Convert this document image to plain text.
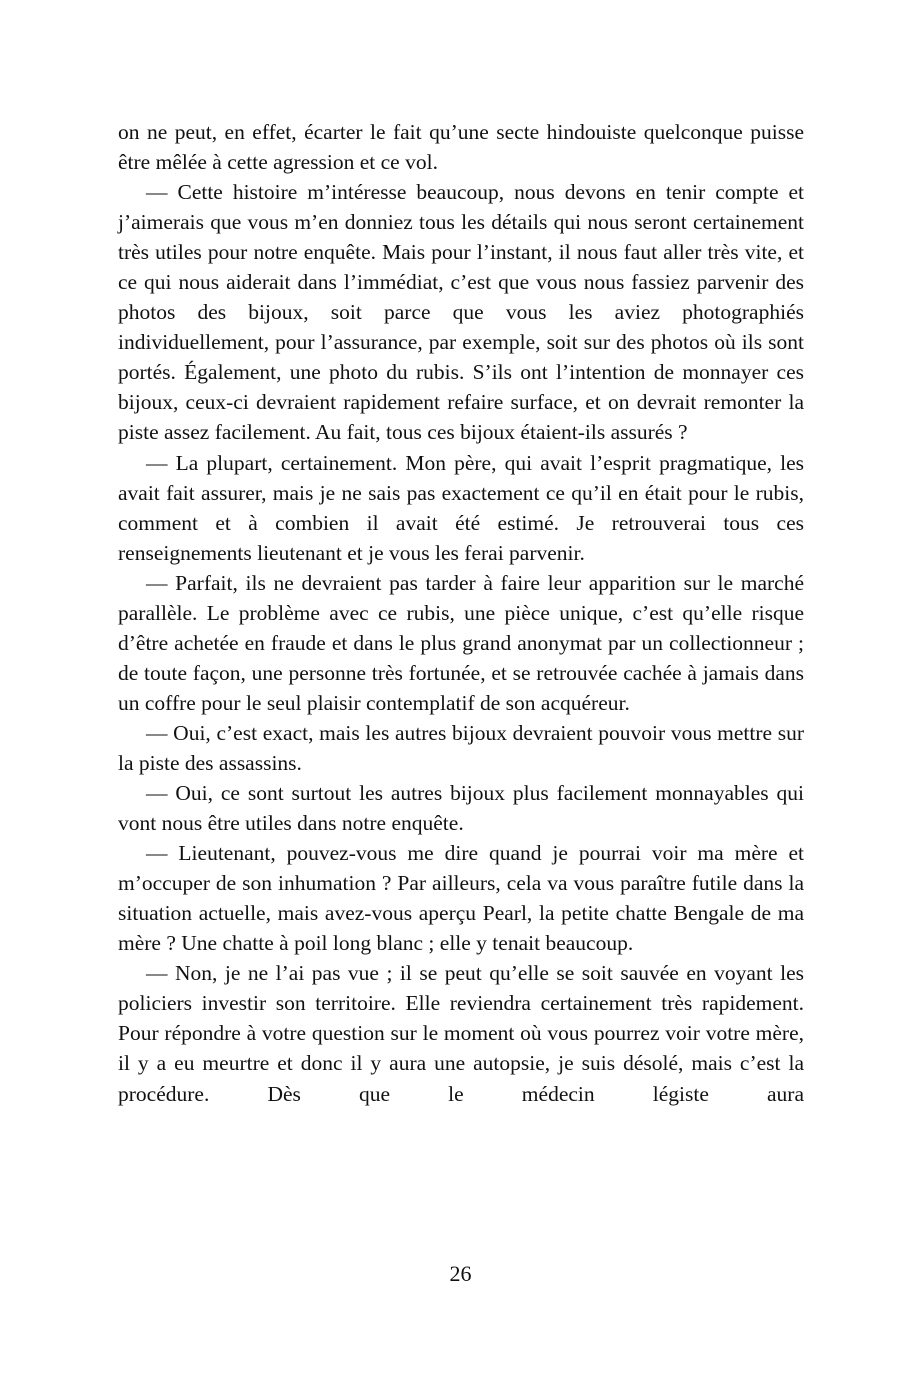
on ne peut, en effet, écarter le fait qu’une secte hindouiste quelconque puisse être mêlée à cette agression et ce vol.

— Cette histoire m’intéresse beaucoup, nous devons en tenir compte et j’aimerais que vous m’en donniez tous les détails qui nous seront certainement très utiles pour notre enquête. Mais pour l’instant, il nous faut aller très vite, et ce qui nous aiderait dans l’immédiat, c’est que vous nous fassiez parvenir des photos des bijoux, soit parce que vous les aviez photographiés individuellement, pour l’assurance, par exemple, soit sur des photos où ils sont portés. Également, une photo du rubis. S’ils ont l’intention de monnayer ces bijoux, ceux-ci devraient rapidement refaire surface, et on devrait remonter la piste assez facilement. Au fait, tous ces bijoux étaient-ils assurés ?

— La plupart, certainement. Mon père, qui avait l’esprit pragmatique, les avait fait assurer, mais je ne sais pas exactement ce qu’il en était pour le rubis, comment et à combien il avait été estimé. Je retrouverai tous ces renseignements lieutenant et je vous les ferai parvenir.

— Parfait, ils ne devraient pas tarder à faire leur apparition sur le marché parallèle. Le problème avec ce rubis, une pièce unique, c’est qu’elle risque d’être achetée en fraude et dans le plus grand anonymat par un collectionneur ; de toute façon, une personne très fortunée, et se retrouvée cachée à jamais dans un coffre pour le seul plaisir contemplatif de son acquéreur.

— Oui, c’est exact, mais les autres bijoux devraient pouvoir vous mettre sur la piste des assassins.

— Oui, ce sont surtout les autres bijoux plus facilement monnayables qui vont nous être utiles dans notre enquête.

— Lieutenant, pouvez-vous me dire quand je pourrai voir ma mère et m’occuper de son inhumation ? Par ailleurs, cela va vous paraître futile dans la situation actuelle, mais avez-vous aperçu Pearl, la petite chatte Bengale de ma mère ? Une chatte à poil long blanc ; elle y tenait beaucoup.

— Non, je ne l’ai pas vue ; il se peut qu’elle se soit sauvée en voyant les policiers investir son territoire. Elle reviendra certainement très rapidement. Pour répondre à votre question sur le moment où vous pourrez voir votre mère, il y a eu meurtre et donc il y aura une autopsie, je suis désolé, mais c’est la procédure. Dès que le médecin légiste aura

26
